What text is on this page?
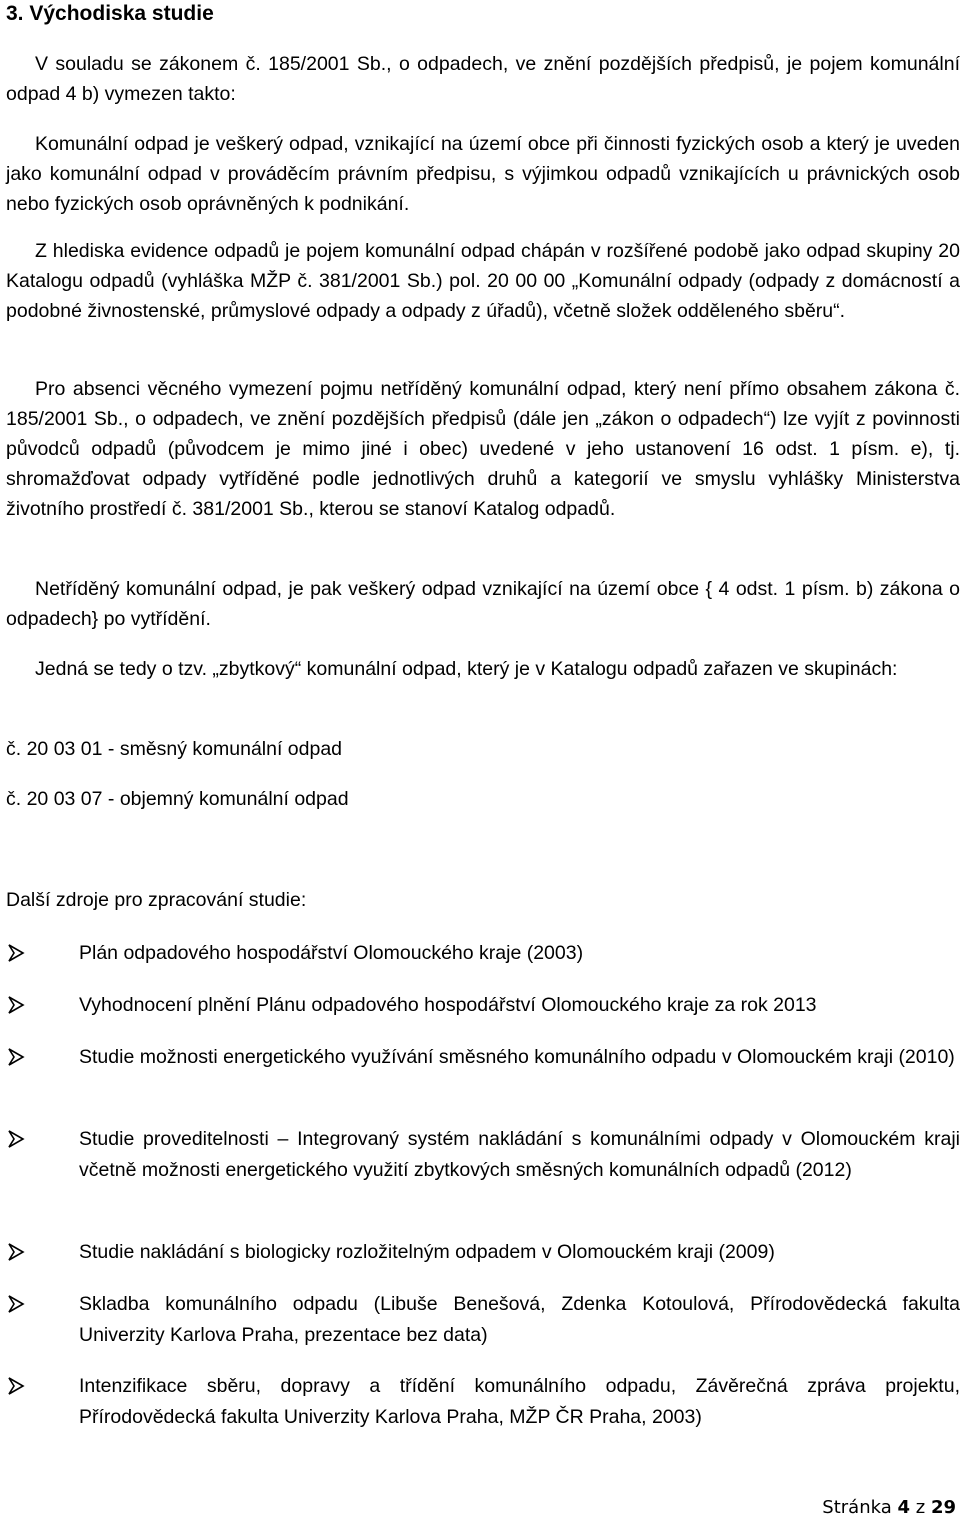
3. Východiska studie

V souladu se zákonem č. 185/2001 Sb., o odpadech, ve znění pozdějších předpisů, je pojem komunální odpad 4 b) vymezen takto:

Komunální odpad je veškerý odpad, vznikající na území obce při činnosti fyzických osob a který je uveden jako komunální odpad v prováděcím právním předpisu, s výjimkou odpadů vznikajících u právnických osob nebo fyzických osob oprávněných k podnikání.

Z hlediska evidence odpadů je pojem komunální odpad chápán v rozšířené podobě jako odpad skupiny 20 Katalogu odpadů (vyhláška MŽP č. 381/2001 Sb.) pol. 20 00 00 „Komunální odpady (odpady z domácností a podobné živnostenské, průmyslové odpady a odpady z úřadů), včetně složek odděleného sběru“.

Pro absenci věcného vymezení pojmu netříděný komunální odpad, který není přímo obsahem zákona č. 185/2001 Sb., o odpadech, ve znění pozdějších předpisů (dále jen „zákon o odpadech“) lze vyjít z povinnosti původců odpadů (původcem je mimo jiné i obec) uvedené v jeho ustanovení 16 odst. 1 písm. e), tj. shromažďovat odpady vytříděné podle jednotlivých druhů a kategorií ve smyslu vyhlášky Ministerstva životního prostředí č. 381/2001 Sb., kterou se stanoví Katalog odpadů.

Netříděný komunální odpad, je pak veškerý odpad vznikající na území obce { 4 odst. 1 písm. b) zákona o odpadech} po vytřídění.

Jedná se tedy o tzv. „zbytkový“ komunální odpad, který je v Katalogu odpadů zařazen ve skupinách:

č. 20 03 01 - směsný komunální odpad

č. 20 03 07 - objemný komunální odpad

Další zdroje pro zpracování studie:

Plán odpadového hospodářství Olomouckého kraje (2003)
Vyhodnocení plnění Plánu odpadového hospodářství Olomouckého kraje za rok 2013
Studie možnosti energetického využívání směsného komunálního odpadu v Olomouckém kraji (2010)
Studie proveditelnosti – Integrovaný systém nakládání s komunálními odpady v Olomouckém kraji včetně možnosti energetického využití zbytkových směsných komunálních odpadů (2012)
Studie nakládání s biologicky rozložitelným odpadem v Olomouckém kraji (2009)
Skladba komunálního odpadu (Libuše Benešová, Zdenka Kotoulová, Přírodovědecká fakulta Univerzity Karlova Praha, prezentace bez data)
Intenzifikace sběru, dopravy a třídění komunálního odpadu, Závěrečná zpráva projektu, Přírodovědecká fakulta Univerzity Karlova Praha, MŽP ČR Praha, 2003)
Stránka 4 z 29
